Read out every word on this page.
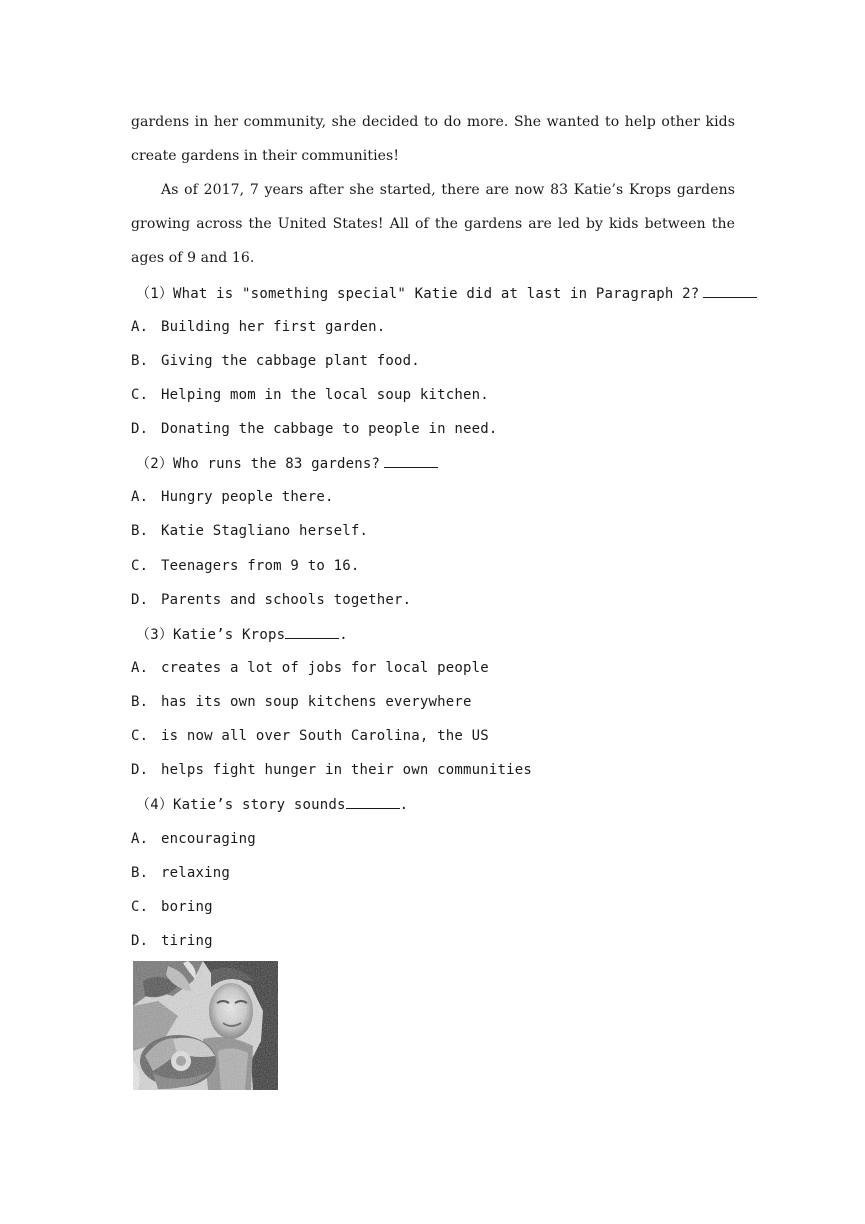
gardens in her community, she decided to do more. She wanted to help other kids
create gardens in their communities!
As of 2017, 7 years after she started, there are now 83 Katie’s Krops gardens
growing across the United States! All of the gardens are led by kids between the
ages of 9 and 16.
（1）What is "something special" Katie did at last in Paragraph 2?
A. Building her first garden.
B. Giving the cabbage plant food.
C. Helping mom in the local soup kitchen.
D. Donating the cabbage to people in need.
（2）Who runs the 83 gardens?
A. Hungry people there.
B. Katie Stagliano herself.
C. Teenagers from 9 to 16.
D. Parents and schools together.
（3）Katie’s Krops	.
A. creates a lot of jobs for local people
B. has its own soup kitchens everywhere
C. is now all over South Carolina, the US
D. helps fight hunger in their own communities
（4）Katie’s story sounds	.
A. encouraging
B. relaxing
C. boring
D. tiring
